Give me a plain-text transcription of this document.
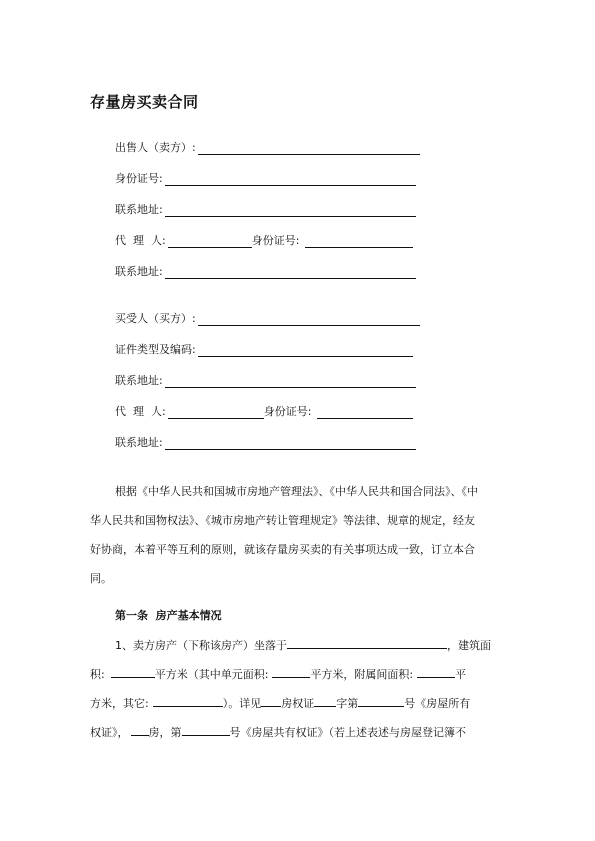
存量房买卖合同
出售人（卖方）:
身份证号:
联系地址:
代  理  人:	身份证号:
联系地址:
买受人（买方）:
证件类型及编码:
联系地址:
代  理  人:	身份证号:
联系地址:
根据《中华人民共和国城市房地产管理法》、《中华人民共和国合同法》、《中
华人民共和国物权法》、《城市房地产转让管理规定》等法律、规章的规定，经友
好协商，本着平等互利的原则，就该存量房买卖的有关事项达成一致，订立本合
同。
第一条  房产基本情况
1、卖方房产（下称该房产）坐落于	，建筑面
积:	平方米（其中单元面积:	平方米，附属间面积:	平
方米，其它:	）。详见 房权证 字第	号《房屋所有
权证》， 房，第	号《房屋共有权证》（若上述表述与房屋登记簿不
